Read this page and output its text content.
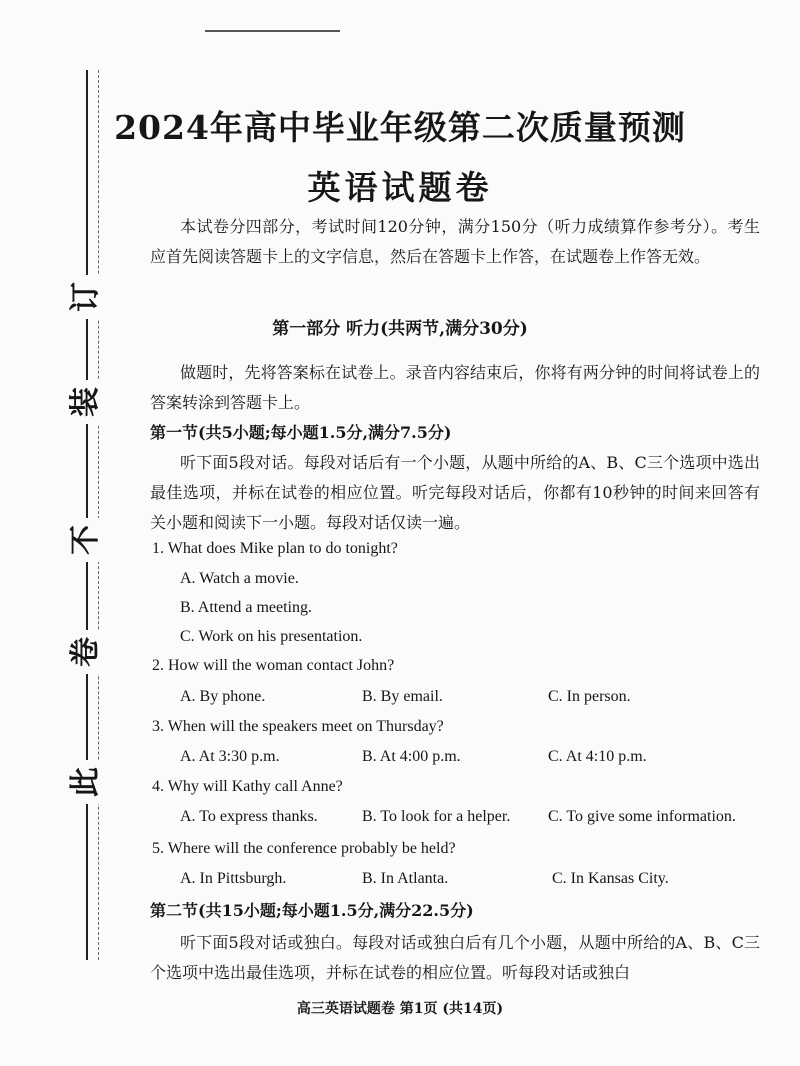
订
装
不
卷
此
2024年高中毕业年级第二次质量预测
英语试题卷

本试卷分四部分，考试时间120分钟，满分150分（听力成绩算作参考分）。考生应首先阅读答题卡上的文字信息，然后在答题卡上作答，在试题卷上作答无效。

第一部分 听力(共两节,满分30分)

做题时，先将答案标在试卷上。录音内容结束后，你将有两分钟的时间将试卷上的答案转涂到答题卡上。

第一节(共5小题;每小题1.5分,满分7.5分)

听下面5段对话。每段对话后有一个小题，从题中所给的A、B、C三个选项中选出最佳选项，并标在试卷的相应位置。听完每段对话后，你都有10秒钟的时间来回答有关小题和阅读下一小题。每段对话仅读一遍。

1. What does Mike plan to do tonight?
A. Watch a movie.
B. Attend a meeting.
C. Work on his presentation.
2. How will the woman contact John?
A. By phone.	B. By email.	C. In person.
3. When will the speakers meet on Thursday?
A. At 3:30 p.m.	B. At 4:00 p.m.	C. At 4:10 p.m.
4. Why will Kathy call Anne?
A. To express thanks.	B. To look for a helper. C. To give some information.
5. Where will the conference probably be held?
A. In Pittsburgh.	B. In Atlanta.	C. In Kansas City.
第二节(共15小题;每小题1.5分,满分22.5分)

听下面5段对话或独白。每段对话或独白后有几个小题，从题中所给的A、B、C三个选项中选出最佳选项，并标在试卷的相应位置。听每段对话或独白

高三英语试题卷 第1页 (共14页)
